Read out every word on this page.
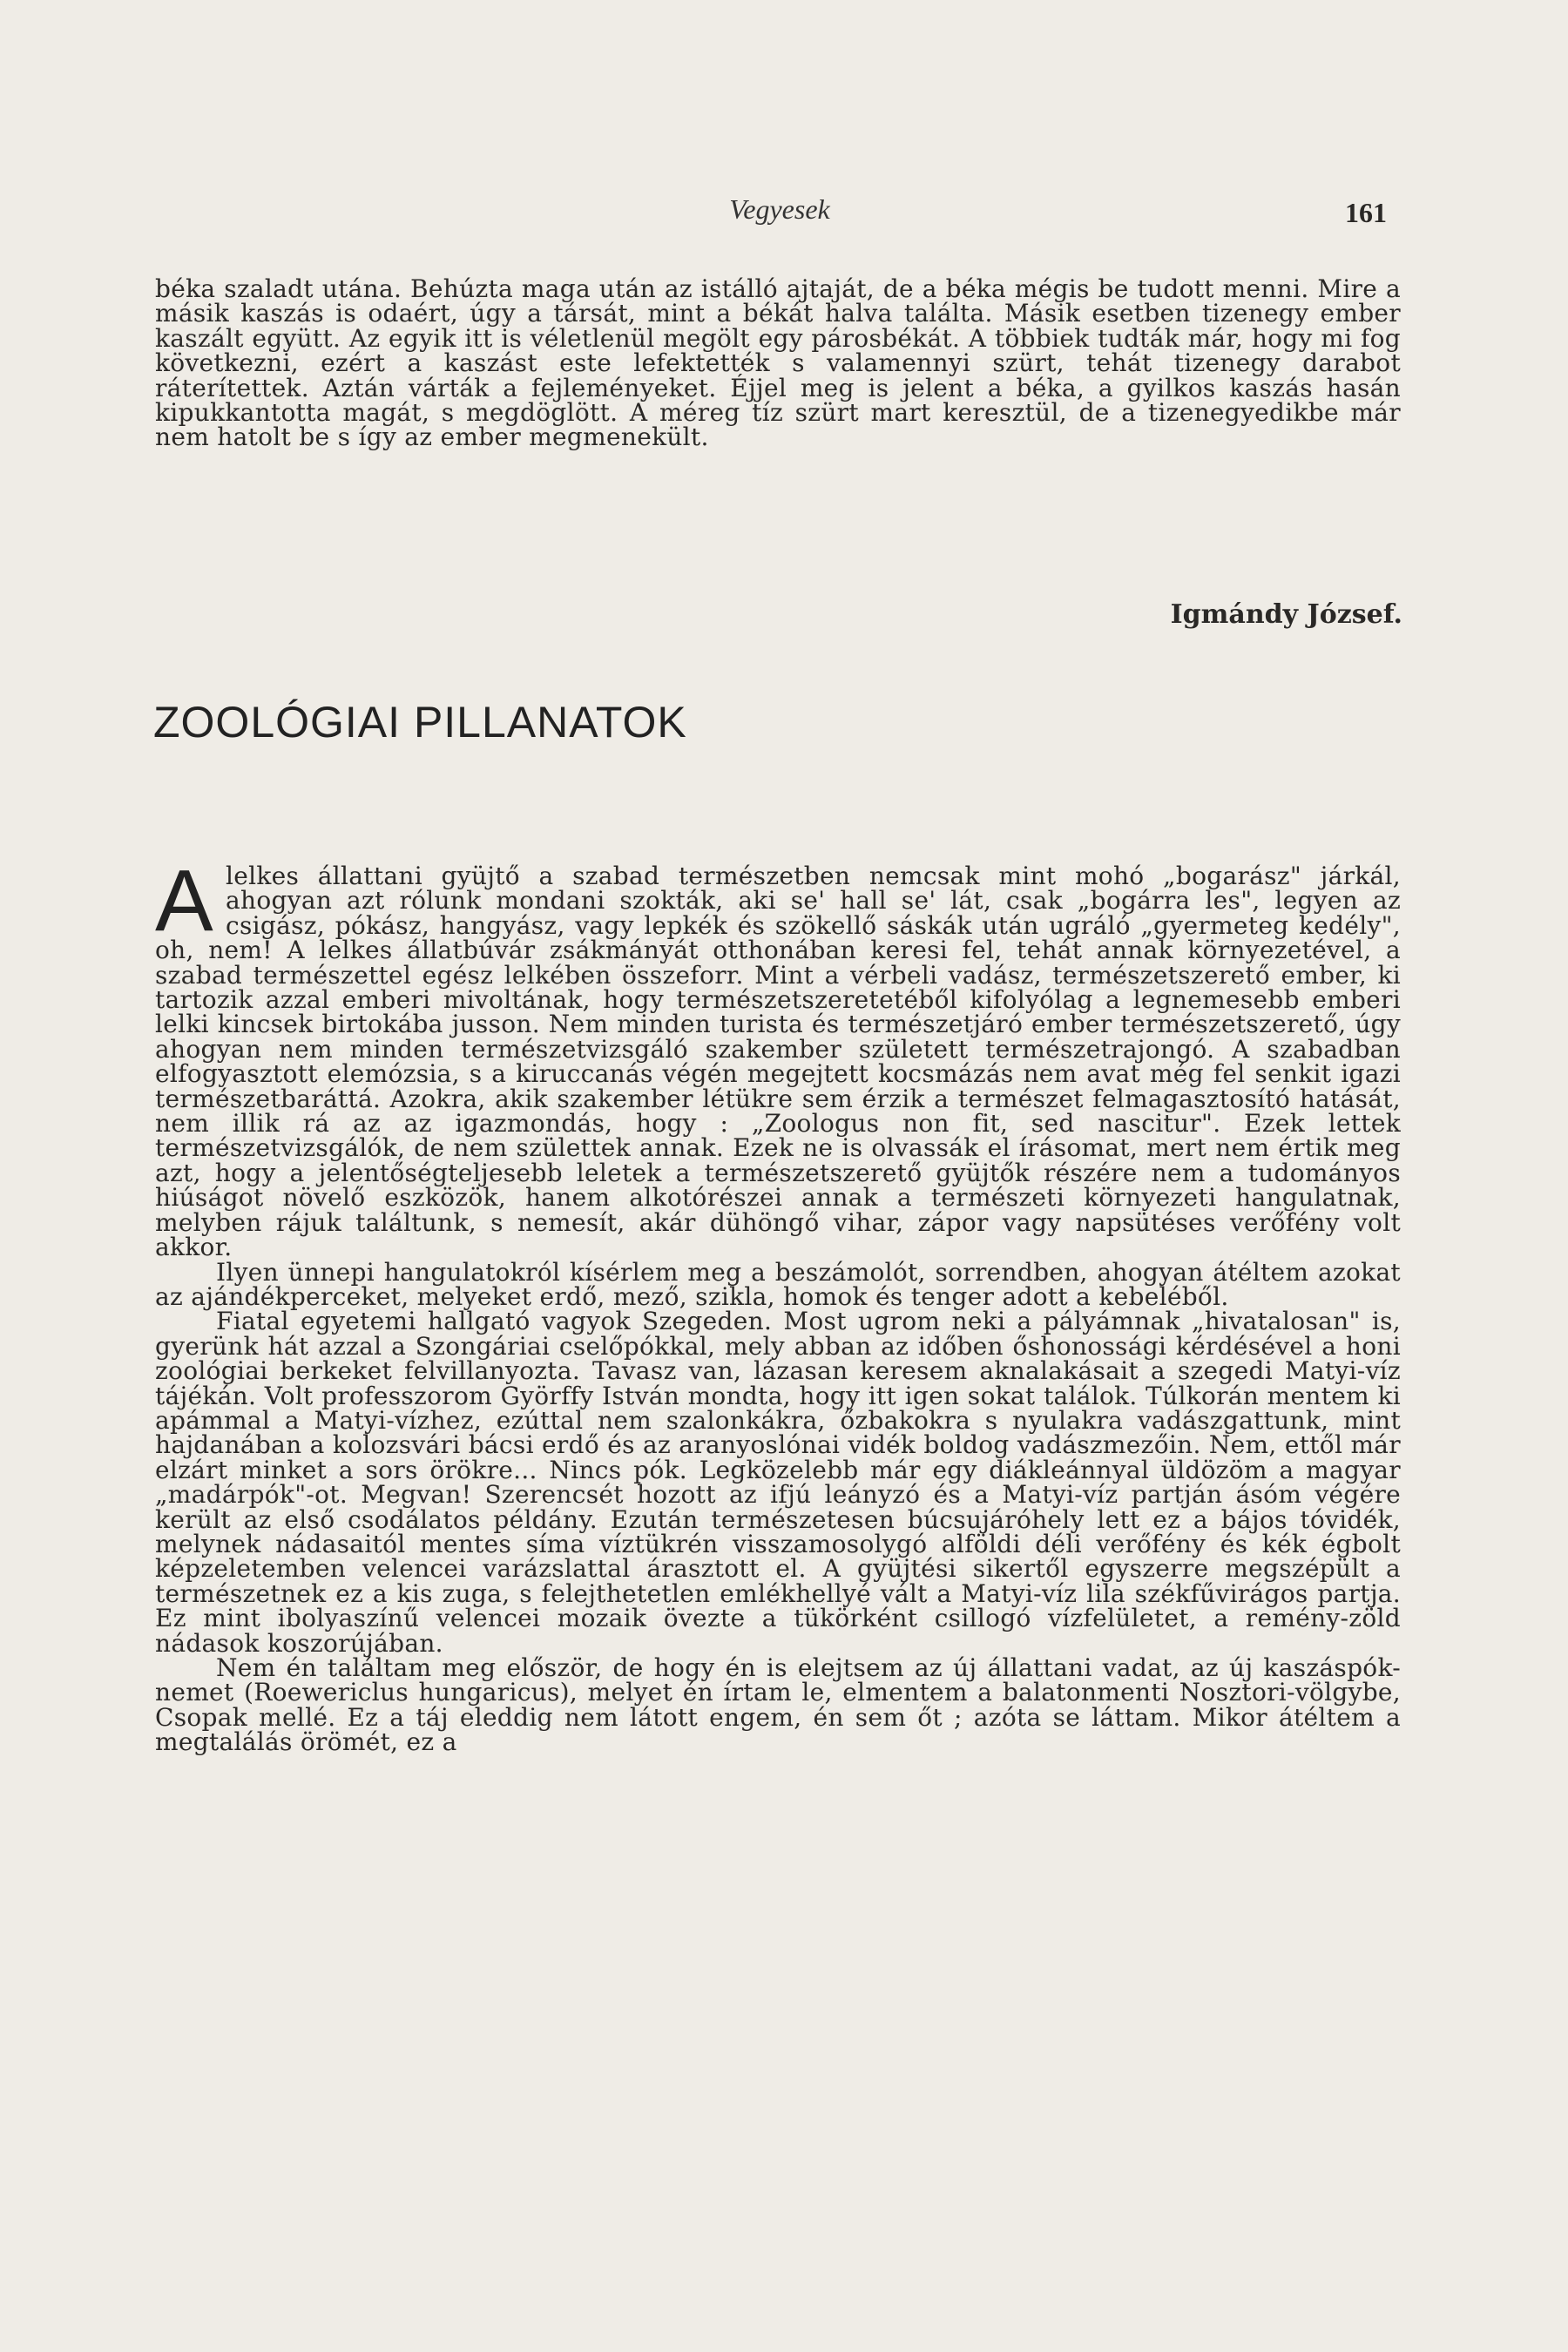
Vegyesek	161

béka szaladt utána. Behúzta maga után az istálló ajtaját, de a béka mégis be tudott menni. Mire a másik kaszás is odaért, úgy a társát, mint a békát halva találta. Másik esetben tizenegy ember kaszált együtt. Az egyik itt is véletlenül megölt egy párosbékát. A többiek tudták már, hogy mi fog következni, ezért a kaszást este lefektették s valamennyi szürt, tehát tizenegy darabot ráterítettek. Aztán várták a fejleményeket. Éjjel meg is jelent a béka, a gyilkos kaszás hasán kipukkantotta magát, s megdöglött. A méreg tíz szürt mart keresztül, de a tizenegyedikbe már nem hatolt be s így az ember megmenekült.

Igmándy József.
ZOOLÓGIAI PILLANATOK

A lelkes állattani gyüjtő a szabad természetben nemcsak mint mohó „bogarász" járkál, ahogyan azt rólunk mondani szokták, aki se' hall se' lát, csak „bogárra les", legyen az csigász, pókász, hangyász, vagy lepkék és szökellő sáskák után ugráló „gyermeteg kedély", oh, nem! A lelkes állatbúvár zsákmányát otthonában keresi fel, tehát annak környezetével, a szabad természettel egész lelkében összeforr. Mint a vérbeli vadász, természetszerető ember, ki tartozik azzal emberi mivoltának, hogy természetszeretetéből kifolyólag a legnemesebb emberi lelki kincsek birtokába jusson. Nem minden turista és természetjáró ember természetszerető, úgy ahogyan nem minden természetvizsgáló szakember született természetrajongó. A szabadban elfogyasztott elemózsia, s a kiruccanás végén megejtett kocsmázás nem avat még fel senkit igazi természetbaráttá. Azokra, akik szakember létükre sem érzik a természet felmagasztosító hatását, nem illik rá az az igazmondás, hogy : „Zoologus non fit, sed nascitur". Ezek lettek természetvizsgálók, de nem születtek annak. Ezek ne is olvassák el írásomat, mert nem értik meg azt, hogy a jelentőségteljesebb leletek a természetszerető gyüjtők részére nem a tudományos hiúságot növelő eszközök, hanem alkotórészei annak a természeti környezeti hangulatnak, melyben rájuk találtunk, s nemesít, akár dühöngő vihar, zápor vagy napsütéses verőfény volt akkor.

Ilyen ünnepi hangulatokról kísérlem meg a beszámolót, sorrendben, ahogyan átéltem azokat az ajándékperceket, melyeket erdő, mező, szikla, homok és tenger adott a kebeléből.

Fiatal egyetemi hallgató vagyok Szegeden. Most ugrom neki a pályámnak „hivatalosan" is, gyerünk hát azzal a Szongáriai cselőpókkal, mely abban az időben őshonossági kérdésével a honi zoológiai berkeket felvillanyozta. Tavasz van, lázasan keresem aknalakásait a szegedi Matyi-víz tájékán. Volt professzorom Györffy István mondta, hogy itt igen sokat találok. Túlkorán mentem ki apámmal a Matyi-vízhez, ezúttal nem szalonkákra, őzbakokra s nyulakra vadászgattunk, mint hajdanában a kolozsvári bácsi erdő és az aranyoslónai vidék boldog vadászmezőin. Nem, ettől már elzárt minket a sors örökre... Nincs pók. Legközelebb már egy diákleánnyal üldözöm a magyar „madárpók"-ot. Megvan! Szerencsét hozott az ifjú leányzó és a Matyi-víz partján ásóm végére került az első csodálatos példány. Ezután természetesen búcsujáróhely lett ez a bájos tóvidék, melynek nádasaitól mentes síma víztükrén visszamosolygó alföldi déli verőfény és kék égbolt képzeletemben velencei varázslattal árasztott el. A gyüjtési sikertől egyszerre megszépült a természetnek ez a kis zuga, s felejthetetlen emlékhellyé vált a Matyi-víz lila székfűvirágos partja. Ez mint ibolyaszínű velencei mozaik övezte a tükörként csillogó vízfelületet, a remény-zöld nádasok koszorújában.

Nem én találtam meg először, de hogy én is elejtsem az új állattani vadat, az új kaszáspók-nemet (Roewericlus hungaricus), melyet én írtam le, elmentem a balatonmenti Nosztori-völgybe, Csopak mellé. Ez a táj eleddig nem látott engem, én sem őt ; azóta se láttam. Mikor átéltem a megtalálás örömét, ez a
